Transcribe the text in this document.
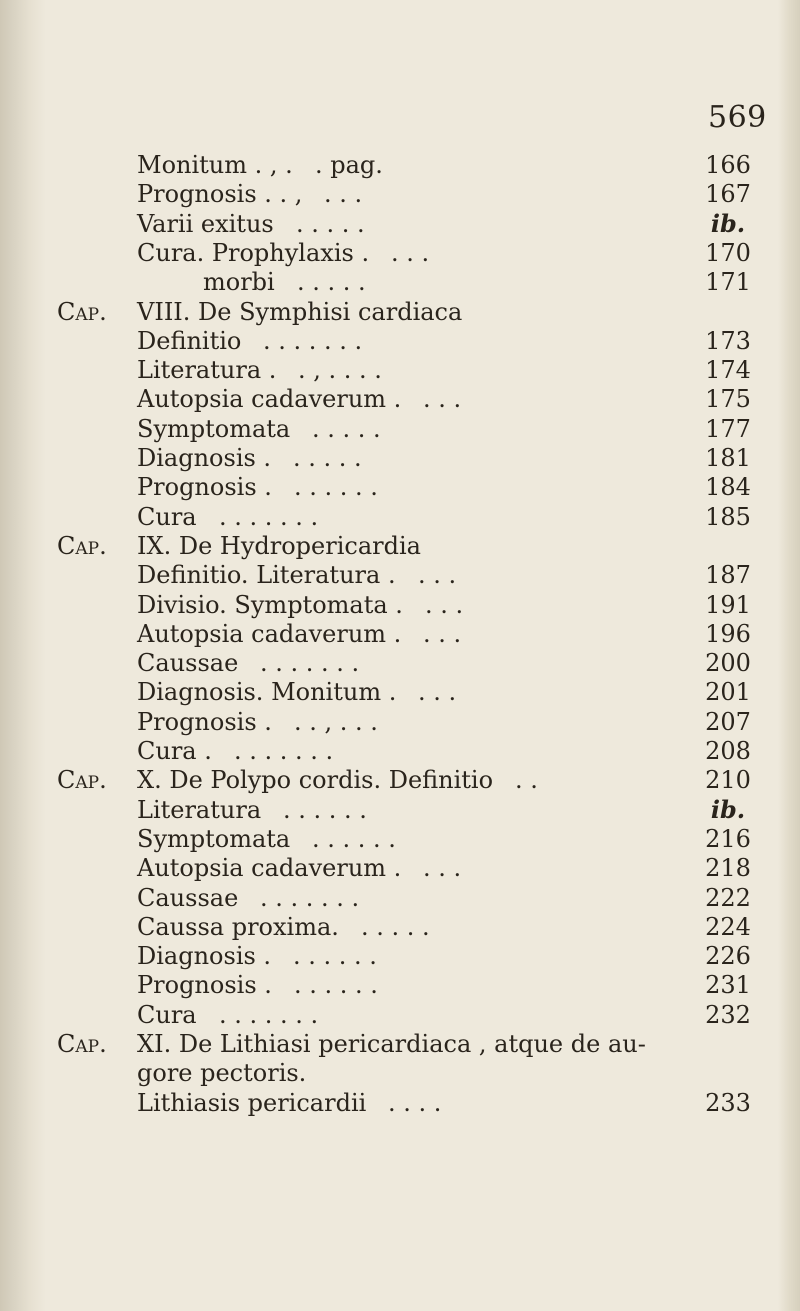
569
Monitum . , . . pag.	166
Prognosis . . , . . .	167
Varii exitus . . . . .	ib.
Cura. Prophylaxis . . . .	170
morbi . . . . .	171
Cap. VIII. De Symphisi cardiaca
Definitio . . . . . . .	173
Literatura . . , . . . .	174
Autopsia cadaverum . . . .	175
Symptomata . . . . .	177
Diagnosis . . . . . .	181
Prognosis . . . . . . .	184
Cura . . . . . . .	185
Cap. IX. De Hydropericardia
Definitio. Literatura . . . .	187
Divisio. Symptomata . . . .	191
Autopsia cadaverum . . . .	196
Caussae . . . . . . .	200
Diagnosis. Monitum . . . .	201
Prognosis . . . , . . .	207
Cura . . . . . . . .	208
Cap. X. De Polypo cordis. Definitio . .	210
Literatura . . . . . .	ib.
Symptomata . . . . . .	216
Autopsia cadaverum . . . .	218
Caussae . . . . . . .	222
Caussa proxima. . . . . .	224
Diagnosis . . . . . . .	226
Prognosis . . . . . . .	231
Cura . . . . . . .	232
Cap. XI. De Lithiasi pericardiaca , atque de au-
gore pectoris.
Lithiasis pericardii . . . .	233
